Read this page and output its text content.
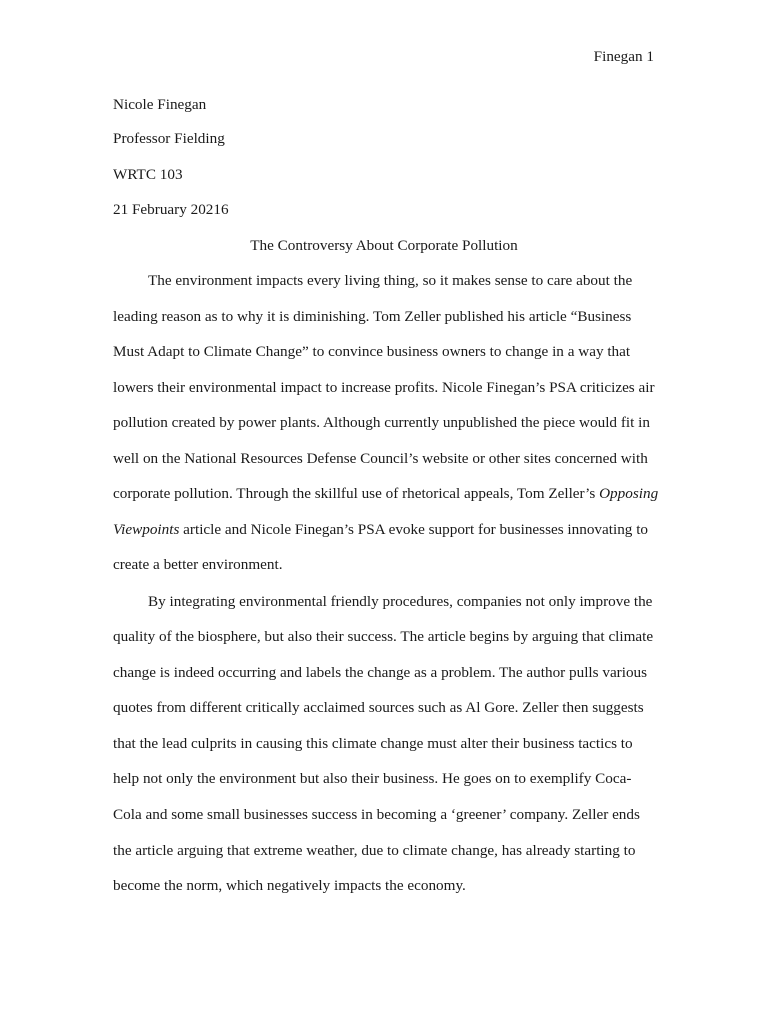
Finegan 1
Nicole Finegan
Professor Fielding
WRTC 103
21 February 20216
The Controversy About Corporate Pollution
The environment impacts every living thing, so it makes sense to care about the
leading reason as to why it is diminishing. Tom Zeller published his article “Business
Must Adapt to Climate Change” to convince business owners to change in a way that
lowers their environmental impact to increase profits. Nicole Finegan’s PSA criticizes air
pollution created by power plants. Although currently unpublished the piece would fit in
well on the National Resources Defense Council’s website or other sites concerned with
corporate pollution. Through the skillful use of rhetorical appeals, Tom Zeller’s Opposing
Viewpoints article and Nicole Finegan’s PSA evoke support for businesses innovating to
create a better environment.
By integrating environmental friendly procedures, companies not only improve the
quality of the biosphere, but also their success. The article begins by arguing that climate
change is indeed occurring and labels the change as a problem. The author pulls various
quotes from different critically acclaimed sources such as Al Gore. Zeller then suggests
that the lead culprits in causing this climate change must alter their business tactics to
help not only the environment but also their business. He goes on to exemplify Coca-
Cola and some small businesses success in becoming a ‘greener’ company. Zeller ends
the article arguing that extreme weather, due to climate change, has already starting to
become the norm, which negatively impacts the economy.
